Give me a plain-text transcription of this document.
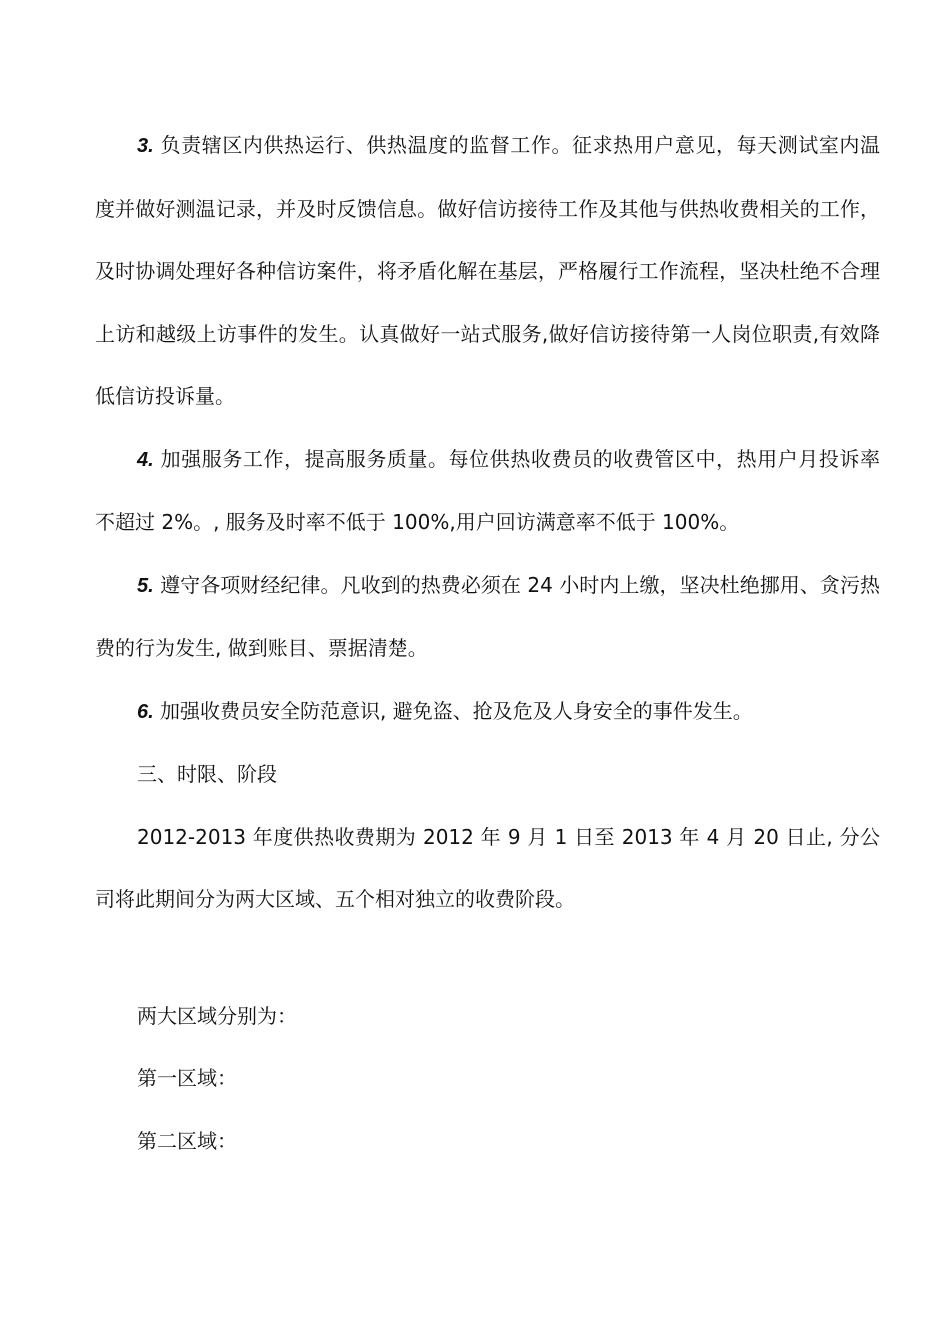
3. 负责辖区内供热运行、供热温度的监督工作。征求热用户意见，每天测试室内温度并做好测温记录，并及时反馈信息。做好信访接待工作及其他与供热收费相关的工作，及时协调处理好各种信访案件，将矛盾化解在基层，严格履行工作流程，坚决杜绝不合理上访和越级上访事件的发生。认真做好一站式服务,做好信访接待第一人岗位职责,有效降低信访投诉量。

4. 加强服务工作，提高服务质量。每位供热收费员的收费管区中，热用户月投诉率不超过 2%。, 服务及时率不低于 100%,用户回访满意率不低于 100%。

5. 遵守各项财经纪律。凡收到的热费必须在 24 小时内上缴，坚决杜绝挪用、贪污热费的行为发生, 做到账目、票据清楚。

6. 加强收费员安全防范意识, 避免盗、抢及危及人身安全的事件发生。

三、时限、阶段

2012-2013 年度供热收费期为 2012 年 9 月 1 日至 2013 年 4 月 20 日止, 分公司将此期间分为两大区域、五个相对独立的收费阶段。

两大区域分别为：

第一区域：

第二区域：
